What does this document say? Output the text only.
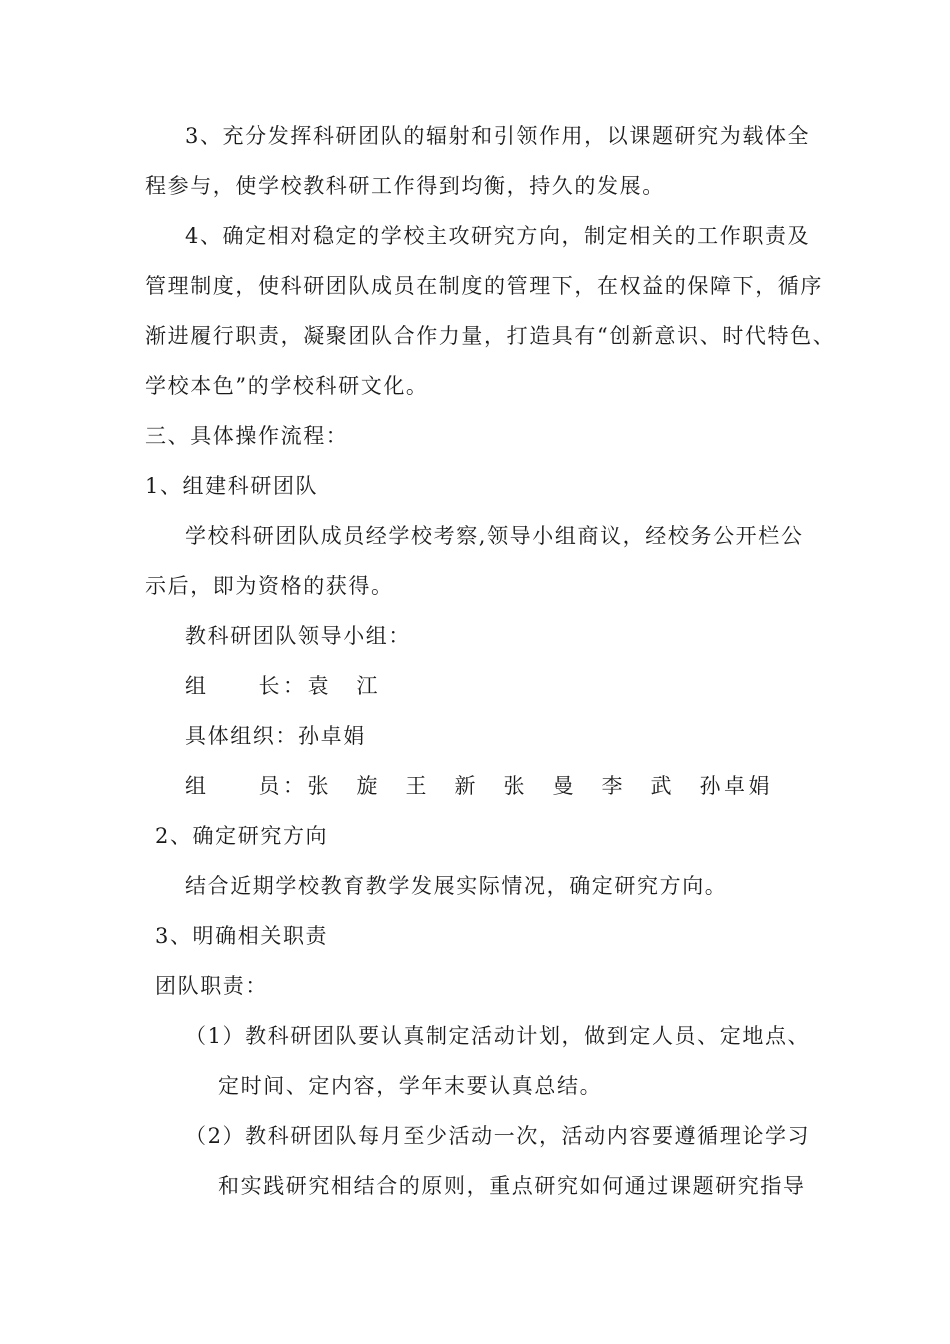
3、充分发挥科研团队的辐射和引领作用，以课题研究为载体全
程参与，使学校教科研工作得到均衡，持久的发展。
4、确定相对稳定的学校主攻研究方向，制定相关的工作职责及
管理制度，使科研团队成员在制度的管理下，在权益的保障下，循序
渐进履行职责，凝聚团队合作力量，打造具有“创新意识、时代特色、
学校本色”的学校科研文化。
三、具体操作流程：
1、组建科研团队
学校科研团队成员经学校考察,领导小组商议，经校务公开栏公
示后，即为资格的获得。
教科研团队领导小组：
组　　长：袁　江
具体组织：孙卓娟
组　　员：张　旋　王　新　张　曼　李　武　孙卓娟
2、确定研究方向
结合近期学校教育教学发展实际情况，确定研究方向。
3、明确相关职责
团队职责：
（1）教科研团队要认真制定活动计划，做到定人员、定地点、
定时间、定内容，学年末要认真总结。
（2）教科研团队每月至少活动一次，活动内容要遵循理论学习
和实践研究相结合的原则，重点研究如何通过课题研究指导
